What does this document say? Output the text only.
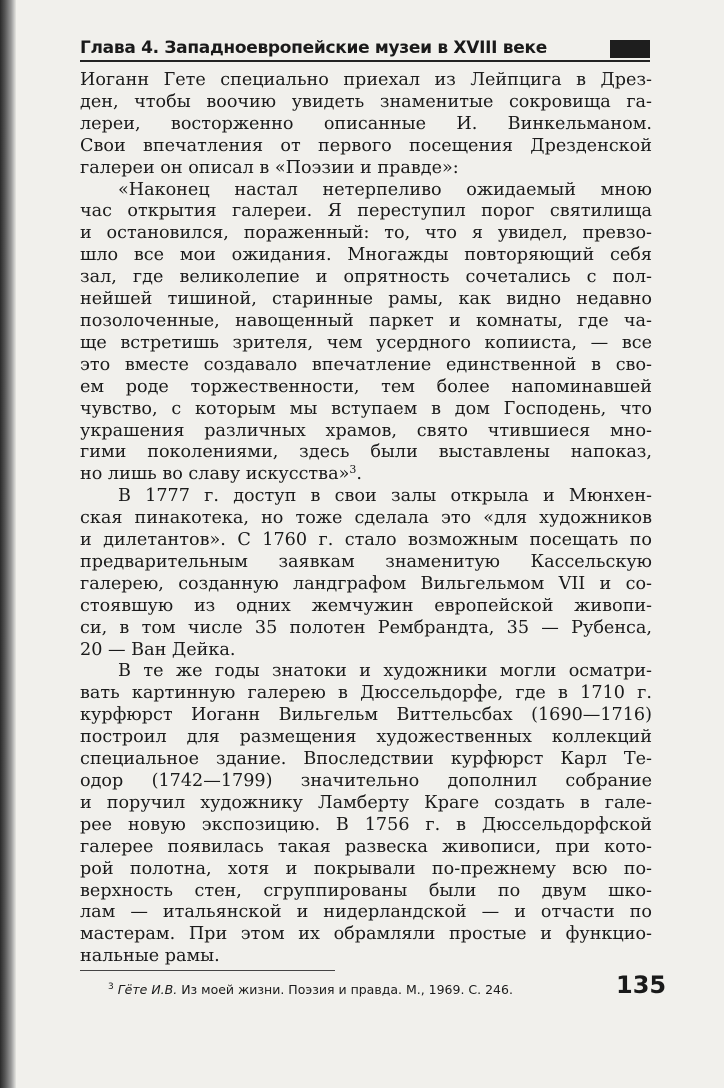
Глава 4. Западноевропейские музеи в XVIII веке

Иоганн Гете специально приехал из Лейпцига в Дрез-
ден, чтобы воочию увидеть знаменитые сокровища га-
лереи, восторженно описанные И. Винкельманом.
Свои впечатления от первого посещения Дрезденской
галереи он описал в «Поэзии и правде»:

«Наконец настал нетерпеливо ожидаемый мною
час открытия галереи. Я переступил порог святилища
и остановился, пораженный: то, что я увидел, превзо-
шло все мои ожидания. Многажды повторяющий себя
зал, где великолепие и опрятность сочетались с пол-
нейшей тишиной, старинные рамы, как видно недавно
позолоченные, навощенный паркет и комнаты, где ча-
ще встретишь зрителя, чем усердного копииста, — все
это вместе создавало впечатление единственной в сво-
ем роде торжественности, тем более напоминавшей
чувство, с которым мы вступаем в дом Господень, что
украшения различных храмов, свято чтившиеся мно-
гими поколениями, здесь были выставлены напоказ,
но лишь во славу искусства»$^3$.

В 1777 г. доступ в свои залы открыла и Мюнхен-
ская пинакотека, но тоже сделала это «для художников
и дилетантов». С 1760 г. стало возможным посещать по
предварительным заявкам знаменитую Кассельскую
галерею, созданную ландграфом Вильгельмом VII и со-
стоявшую из одних жемчужин европейской живопи-
си, в том числе 35 полотен Рембрандта, 35 — Рубенса,
20 — Ван Дейка.

В те же годы знатоки и художники могли осматри-
вать картинную галерею в Дюссельдорфе, где в 1710 г.
курфюрст Иоганн Вильгельм Виттельсбах (1690—1716)
построил для размещения художественных коллекций
специальное здание. Впоследствии курфюрст Карл Те-
одор (1742—1799) значительно дополнил собрание
и поручил художнику Ламберту Краге создать в гале-
рее новую экспозицию. В 1756 г. в Дюссельдорфской
галерее появилась такая развеска живописи, при кото-
рой полотна, хотя и покрывали по-прежнему всю по-
верхность стен, сгруппированы были по двум шко-
лам — итальянской и нидерландской — и отчасти по
мастерам. При этом их обрамляли простые и функцио-
нальные рамы.

$^3$ Гёте И.В. Из моей жизни. Поэзия и правда. М., 1969. С. 246.	135
